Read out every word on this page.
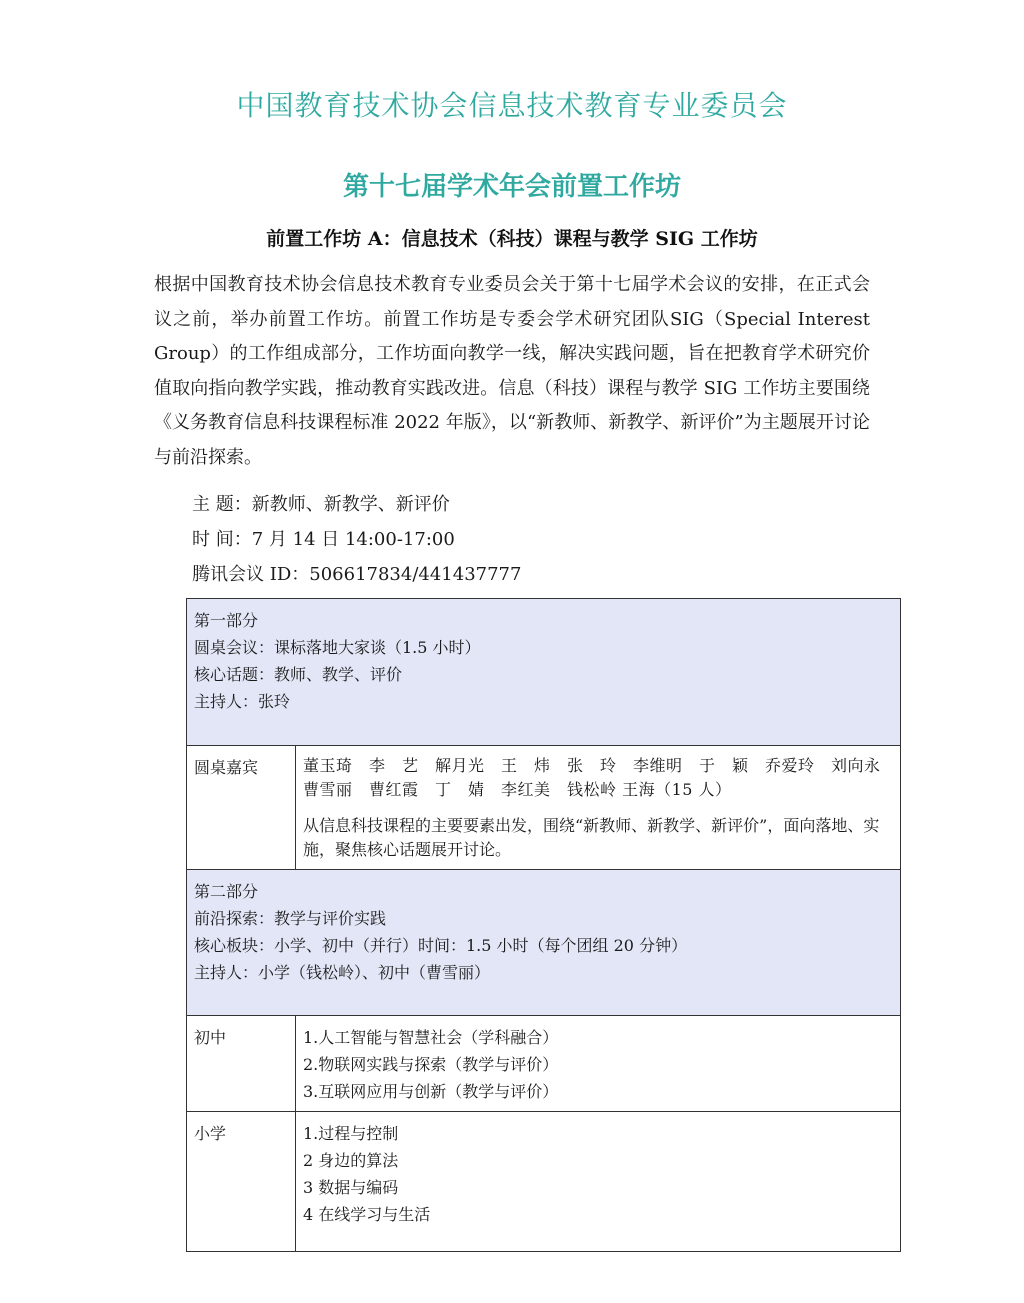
中国教育技术协会信息技术教育专业委员会
第十七届学术年会前置工作坊
前置工作坊 A：信息技术（科技）课程与教学 SIG 工作坊

根据中国教育技术协会信息技术教育专业委员会关于第十七届学术会议的安排，在正式会议之前，举办前置工作坊。前置工作坊是专委会学术研究团队SIG（Special Interest Group）的工作组成部分，工作坊面向教学一线，解决实践问题，旨在把教育学术研究价值取向指向教学实践，推动教育实践改进。信息（科技）课程与教学 SIG 工作坊主要围绕《义务教育信息科技课程标准 2022 年版》，以“新教师、新教学、新评价”为主题展开讨论与前沿探索。

主 题：新教师、新教学、新评价
时 间：7 月 14 日 14:00-17:00
腾讯会议 ID：506617834/441437777
第一部分
圆桌会议：课标落地大家谈（1.5 小时）
核心话题：教师、教学、评价
主持人：张玲	

圆桌嘉宾	董玉琦　李　艺　解月光　王　炜　张　玲　李维明　于　颖　乔爱玲　刘向永　曹雪丽　曹红霞　丁　婧　李红美　钱松岭 王海（15 人）
从信息科技课程的主要要素出发，围绕“新教师、新教学、新评价”，面向落地、实施，聚焦核心话题展开讨论。

第二部分
前沿探索：教学与评价实践
核心板块：小学、初中（并行）时间：1.5 小时（每个团组 20 分钟）
主持人：小学（钱松岭）、初中（曹雪丽）	

初中	1.人工智能与智慧社会（学科融合）
2.物联网实践与探索（教学与评价）
3.互联网应用与创新（教学与评价）

小学	1.过程与控制
2 身边的算法
3 数据与编码
4 在线学习与生活
